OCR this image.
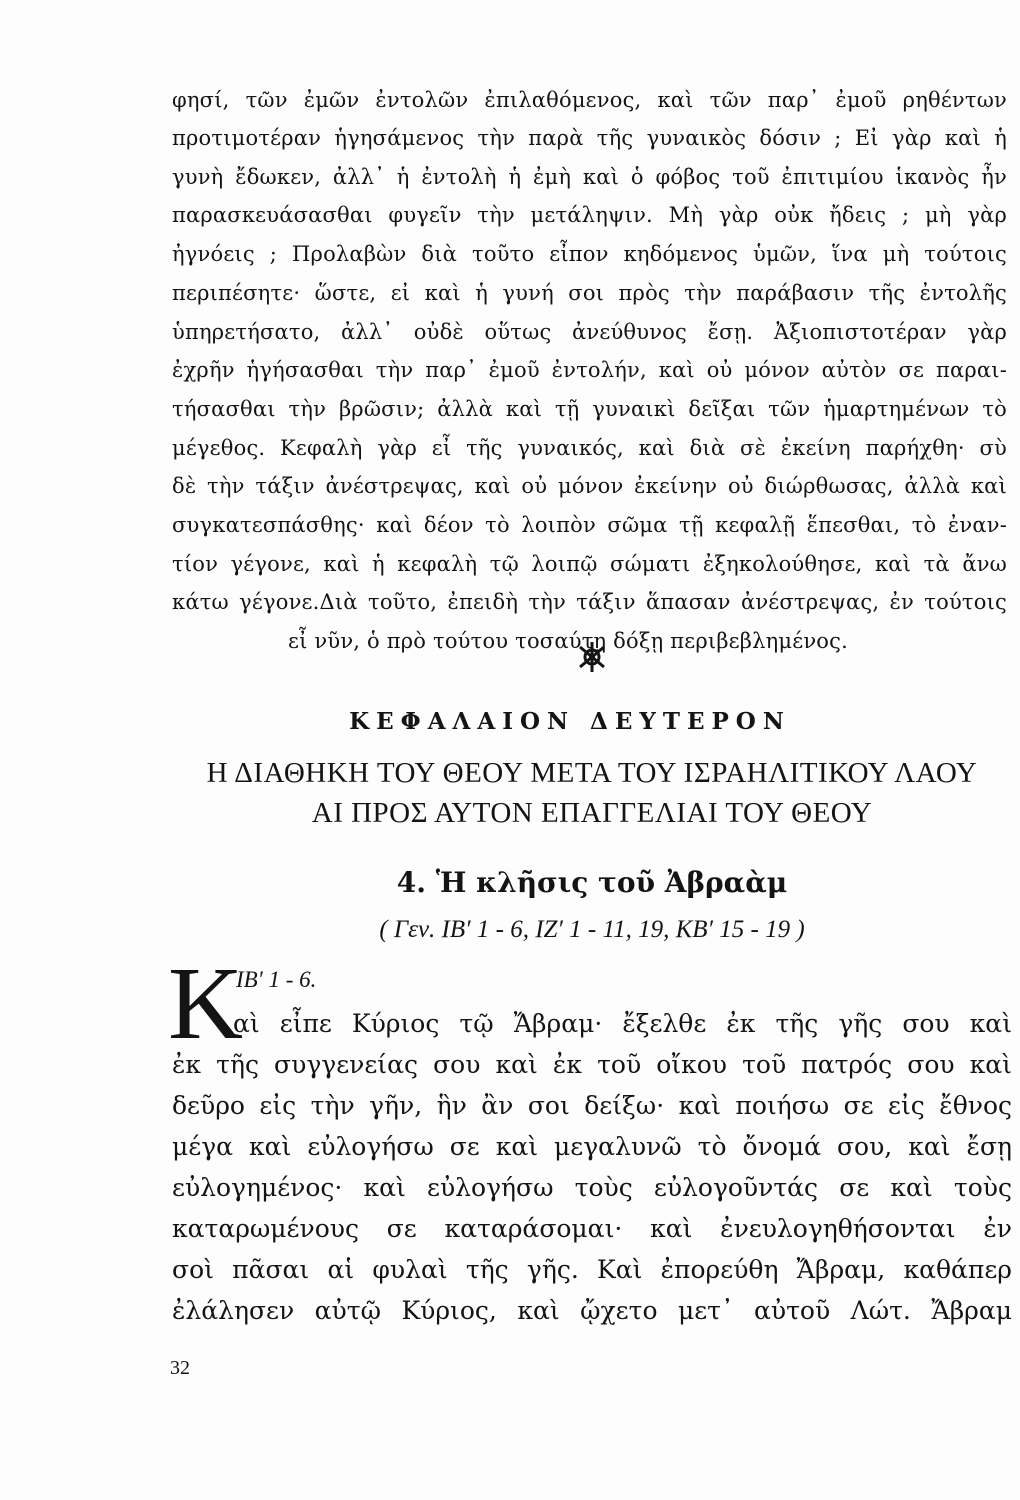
φησί, τῶν ἐμῶν ἐντολῶν ἐπιλαθόμενος, καὶ τῶν παρ᾽ ἐμοῦ ρηθέντων
προτιμοτέραν ἡγησάμενος τὴν παρὰ τῆς γυναικὸς δόσιν ; Εἰ γὰρ καὶ ἡ
γυνὴ ἔδωκεν, ἀλλ᾽ ἡ ἐντολὴ ἡ ἐμὴ καὶ ὁ φόβος τοῦ ἐπιτιμίου ἱκανὸς ἦν
παρασκευάσασθαι φυγεῖν τὴν μετάληψιν. Μὴ γὰρ οὐκ ἤδεις ; μὴ γὰρ
ἠγνόεις ; Προλαβὼν διὰ τοῦτο εἶπον κηδόμενος ὑμῶν, ἵνα μὴ τούτοις
περιπέσητε· ὥστε, εἰ καὶ ἡ γυνή σοι πρὸς τὴν παράβασιν τῆς ἐντολῆς
ὑπηρετήσατο, ἀλλ᾽ οὐδὲ οὕτως ἀνεύθυνος ἔσῃ. Ἀξιοπιστοτέραν γὰρ
ἐχρῆν ἡγήσασθαι τὴν παρ᾽ ἐμοῦ ἐντολήν, καὶ οὐ μόνον αὐτὸν σε παραι-
τήσασθαι τὴν βρῶσιν; ἀλλὰ καὶ τῇ γυναικὶ δεῖξαι τῶν ἡμαρτημένων τὸ
μέγεθος. Κεφαλὴ γὰρ εἶ τῆς γυναικός, καὶ διὰ σὲ ἐκείνη παρήχθη· σὺ
δὲ τὴν τάξιν ἀνέστρεψας, καὶ οὐ μόνον ἐκείνην οὐ διώρθωσας, ἀλλὰ καὶ
συγκατεσπάσθης· καὶ δέον τὸ λοιπὸν σῶμα τῇ κεφαλῇ ἕπεσθαι, τὸ ἐναν-
τίον γέγονε, καὶ ἡ κεφαλὴ τῷ λοιπῷ σώματι ἐξηκολούθησε, καὶ τὰ ἄνω
κάτω γέγονε.Διὰ τοῦτο, ἐπειδὴ τὴν τάξιν ἅπασαν ἀνέστρεψας, ἐν τούτοις
εἶ νῦν, ὁ πρὸ τούτου τοσαύτῃ δόξῃ περιβεβλημένος.
ΚΕΦΑΛΑΙΟΝ ΔΕΥΤΕΡΟΝ
Η ΔΙΑΘΗΚΗ ΤΟΥ ΘΕΟΥ ΜΕΤΑ ΤΟΥ ΙΣΡΑΗΛΙΤΙΚΟΥ ΛΑΟΥ
ΑΙ ΠΡΟΣ ΑΥΤΟΝ ΕΠΑΓΓΕΛΙΑΙ ΤΟΥ ΘΕΟΥ
4. Ἡ κλῆσις τοῦ Ἀβραὰμ
( Γεν. ΙΒ′ 1 - 6, ΙΖ′ 1 - 11, 19, ΚΒ′ 15 - 19 )
Κ
ΙΒ′ 1 - 6.
αὶ εἶπε Κύριος τῷ Ἄβραμ· ἔξελθε ἐκ τῆς γῆς σου καὶ
ἐκ τῆς συγγενείας σου καὶ ἐκ τοῦ οἴκου τοῦ πατρός σου καὶ
δεῦρο εἰς τὴν γῆν, ἣν ἂν σοι δείξω· καὶ ποιήσω σε εἰς ἔθνος
μέγα καὶ εὐλογήσω σε καὶ μεγαλυνῶ τὸ ὄνομά σου, καὶ ἔσῃ
εὐλογημένος· καὶ εὐλογήσω τοὺς εὐλογοῦντάς σε καὶ τοὺς
καταρωμένους σε καταράσομαι· καὶ ἐνευλογηθήσονται ἐν
σοὶ πᾶσαι αἱ φυλαὶ τῆς γῆς. Καὶ ἐπορεύθη Ἄβραμ, καθάπερ
ἐλάλησεν αὐτῷ Κύριος, καὶ ᾤχετο μετ᾽ αὐτοῦ Λώτ. Ἄβραμ
32
